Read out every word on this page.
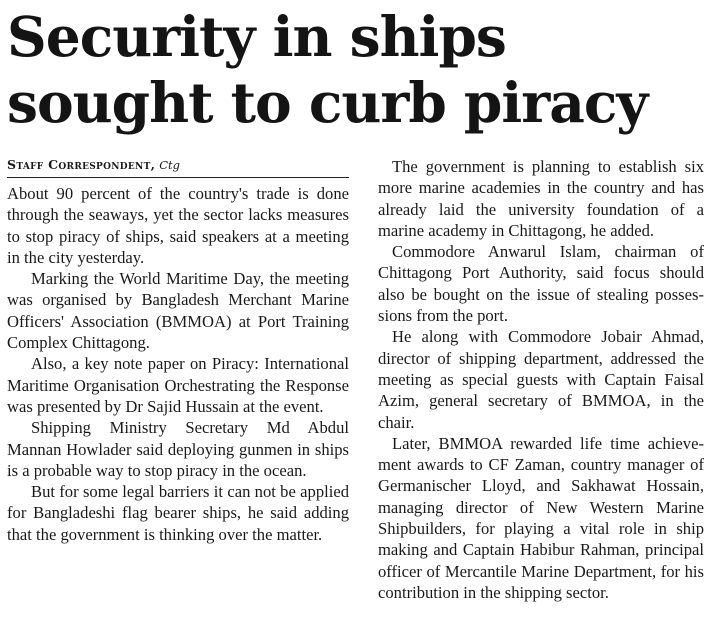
Security in ships sought to curb piracy
Staff Correspondent, Ctg

About 90 percent of the country's trade is done through the seaways, yet the sector lacks measures to stop piracy of ships, said speakers at a meeting in the city yesterday.

Marking the World Maritime Day, the meeting was organised by Bangladesh Merchant Marine Officers' Association (BMMOA) at Port Training Complex Chittagong.

Also, a key note paper on Piracy: International Maritime Organisation Orchestrating the Response was presented by Dr Sajid Hussain at the event.

Shipping Ministry Secretary Md Abdul Mannan Howlader said deploying gunmen in ships is a probable way to stop piracy in the ocean.

But for some legal barriers it can not be applied for Bangladeshi flag bearer ships, he said adding that the government is thinking over the matter.

The government is planning to establish six more marine academies in the country and has already laid the university foundation of a marine academy in Chittagong, he added.

Commodore Anwarul Islam, chairman of Chittagong Port Authority, said focus should also be bought on the issue of stealing possessions from the port.

He along with Commodore Jobair Ahmad, director of shipping department, addressed the meeting as special guests with Captain Faisal Azim, general secretary of BMMOA, in the chair.

Later, BMMOA rewarded life time achievement awards to CF Zaman, country manager of Germanischer Lloyd, and Sakhawat Hossain, managing director of New Western Marine Shipbuilders, for playing a vital role in ship making and Captain Habibur Rahman, principal officer of Mercantile Marine Department, for his contribution in the shipping sector.
